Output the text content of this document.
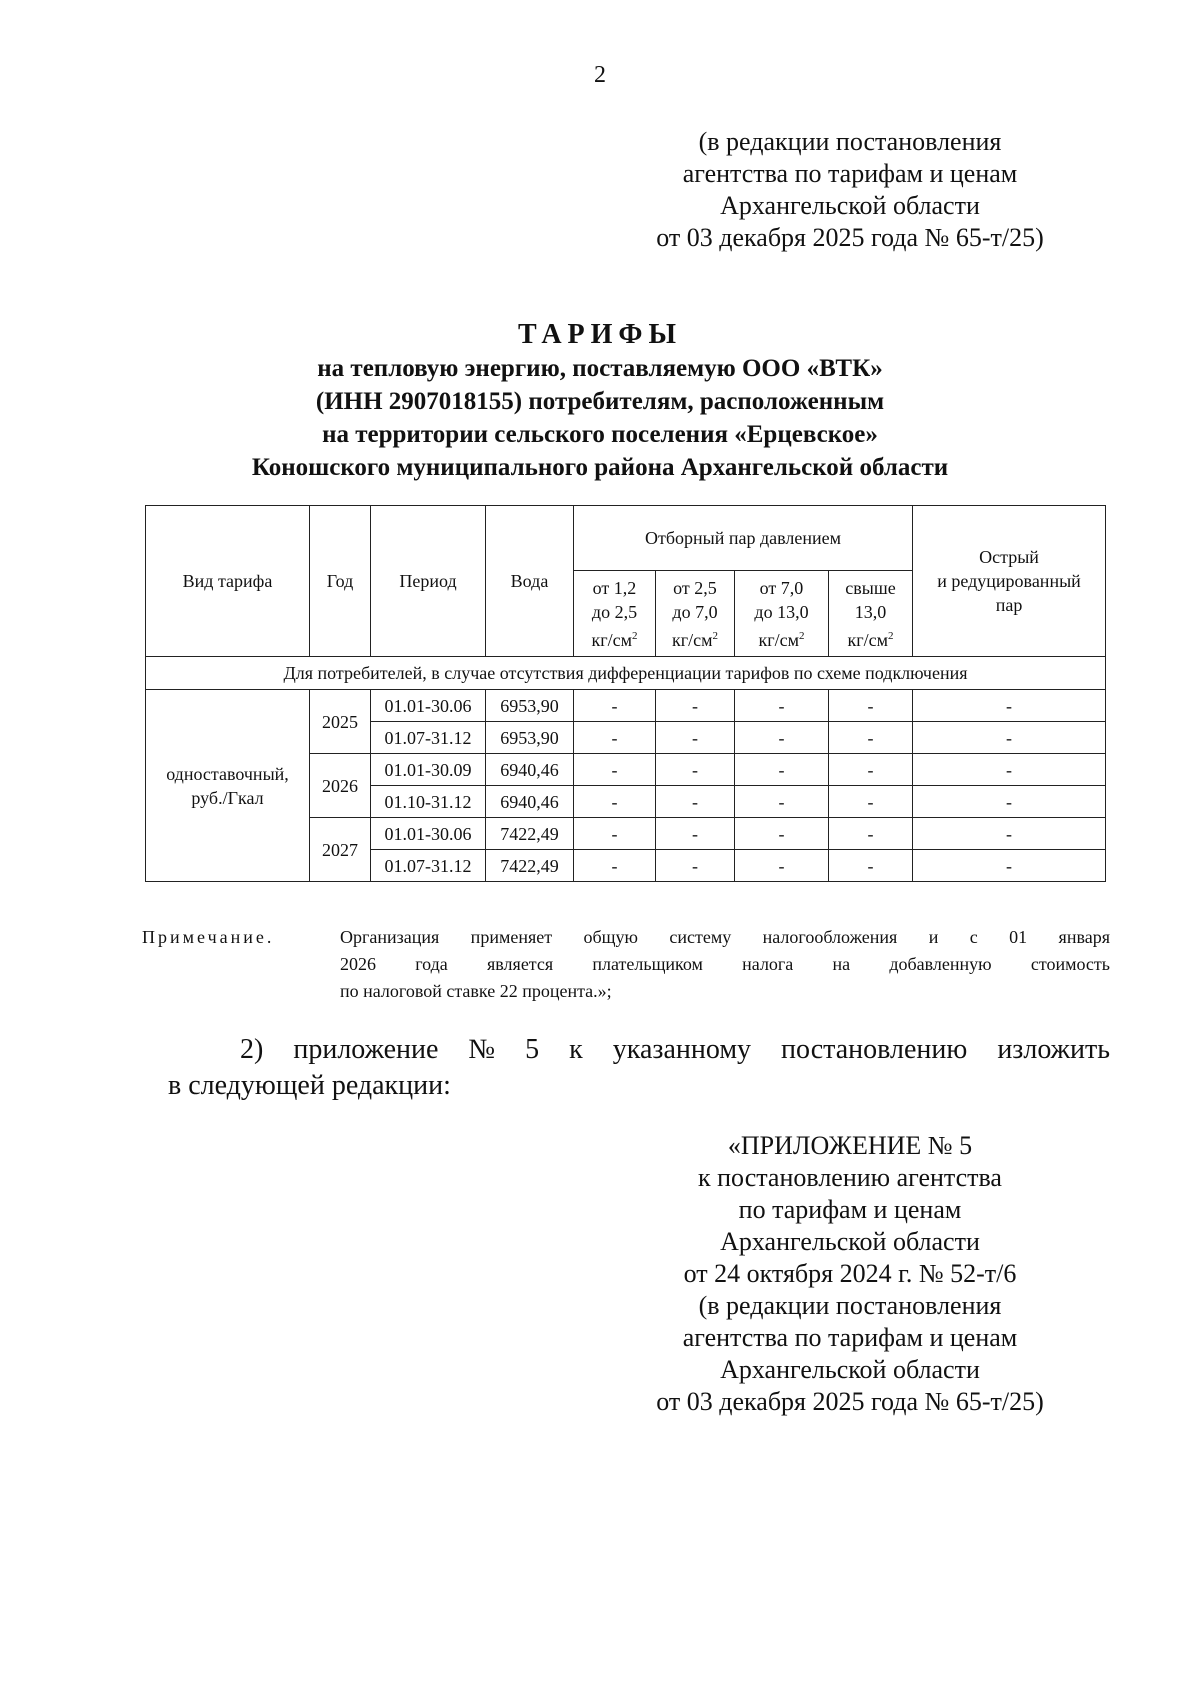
2
(в редакции постановления
агентства по тарифам и ценам
Архангельской области
от 03 декабря 2025 года № 65-т/25)
ТАРИФЫ
на тепловую энергию, поставляемую ООО «ВТК»
(ИНН 2907018155) потребителям, расположенным
на территории сельского поселения «Ерцевское»
Коношского муниципального района Архангельской области
Вид тарифа	Год	Период	Вода	Отборный пар давлением				Острый
и редуцированный
пар
				от 1,2
до 2,5
$кг/см^2$	от 2,5
до 7,0
$кг/см^2$	от 7,0
до 13,0
$кг/см^2$	свыше
13,0
$кг/см^2$
Для потребителей, в случае отсутствия дифференциации тарифов по схеме подключения								
одноставочный,
руб./Гкал	2025	01.01-30.06	6953,90	-	-	-	-	-
		01.07-31.12	6953,90	-	-	-	-	-
	2026	01.01-30.09	6940,46	-	-	-	-	-
		01.10-31.12	6940,46	-	-	-	-	-
	2027	01.01-30.06	7422,49	-	-	-	-	-
		01.07-31.12	7422,49	-	-	-	-	-
Примечание.	Организация применяет общую систему налогообложения и с 01 января
2026 года является плательщиком налога на добавленную стоимость
по налоговой ставке 22 процента.»;
2) приложение № 5 к указанному постановлению изложить
в следующей редакции:
«ПРИЛОЖЕНИЕ № 5
к постановлению агентства
по тарифам и ценам
Архангельской области
от 24 октября 2024 г. № 52-т/6
(в редакции постановления
агентства по тарифам и ценам
Архангельской области
от 03 декабря 2025 года № 65-т/25)
